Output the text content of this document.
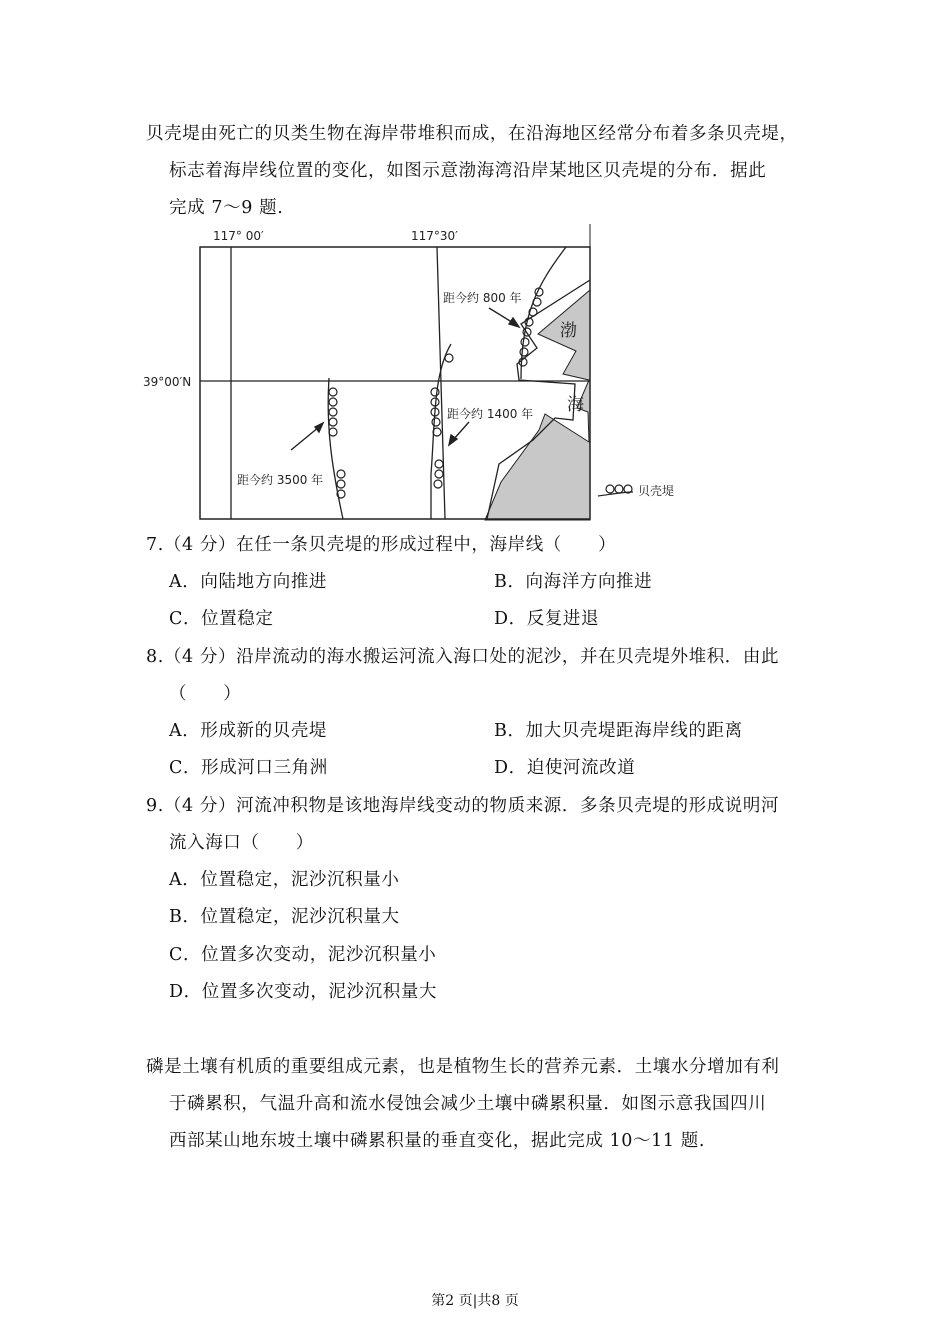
贝壳堤由死亡的贝类生物在海岸带堆积而成，在沿海地区经常分布着多条贝壳堤，
标志着海岸线位置的变化，如图示意渤海湾沿岸某地区贝壳堤的分布．据此
完成 7～9 题.
117° 00′	117°30′
39°00′N
距今约 800 年
距今约 1400 年
距今约 3500 年
渤
海
贝壳堤
7.（4 分）在任一条贝壳堤的形成过程中，海岸线（　　）
A．向陆地方向推进	B．向海洋方向推进
C．位置稳定	D．反复进退
8.（4 分）沿岸流动的海水搬运河流入海口处的泥沙，并在贝壳堤外堆积．由此
（　　）
A．形成新的贝壳堤	B．加大贝壳堤距海岸线的距离
C．形成河口三角洲	D．迫使河流改道
9.（4 分）河流冲积物是该地海岸线变动的物质来源．多条贝壳堤的形成说明河
流入海口（　　）
A．位置稳定，泥沙沉积量小
B．位置稳定，泥沙沉积量大
C．位置多次变动，泥沙沉积量小
D．位置多次变动，泥沙沉积量大
磷是土壤有机质的重要组成元素，也是植物生长的营养元素．土壤水分增加有利
于磷累积，气温升高和流水侵蚀会减少土壤中磷累积量．如图示意我国四川
西部某山地东坡土壤中磷累积量的垂直变化，据此完成 10～11 题.
第2 页|共8 页
